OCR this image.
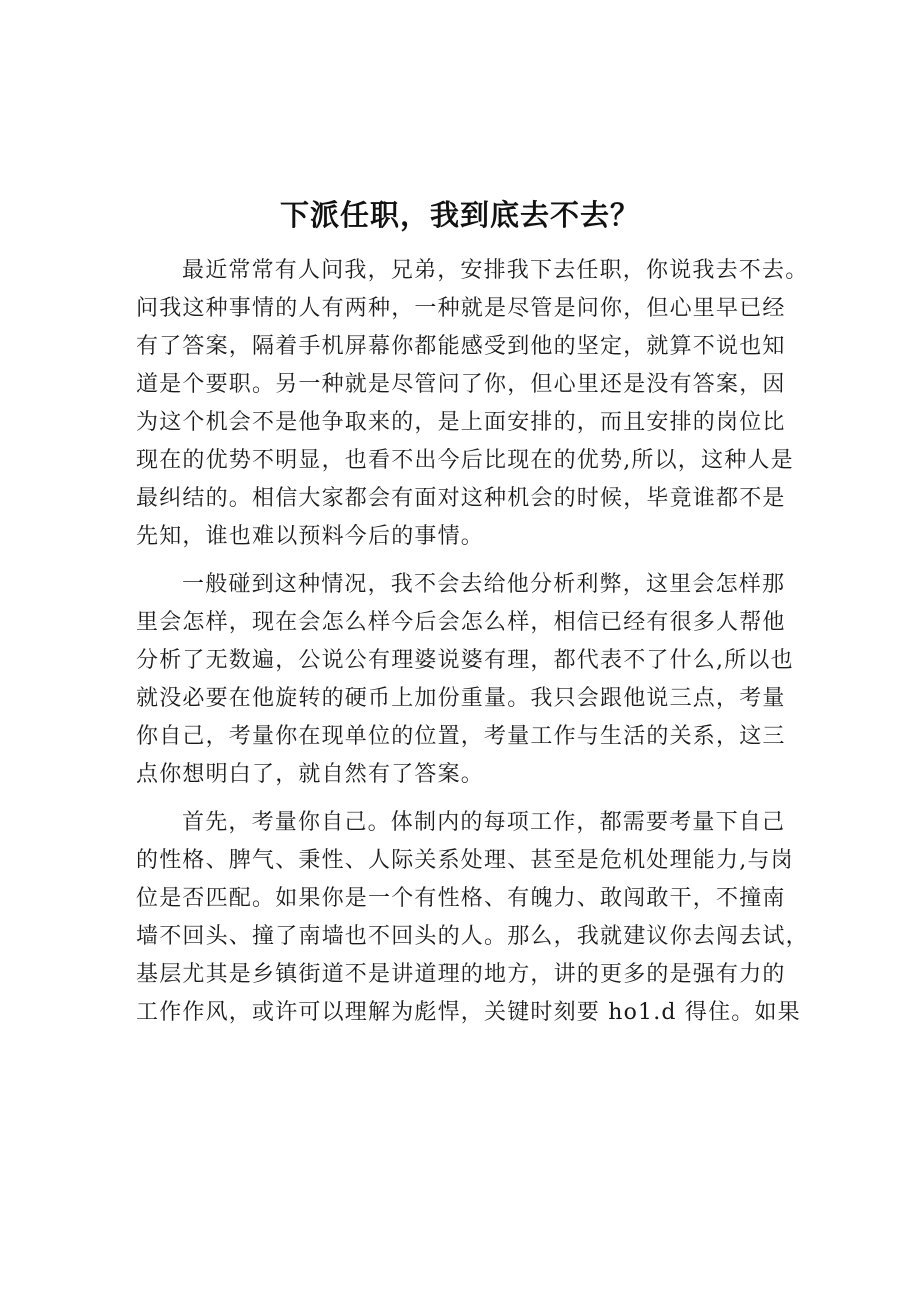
下派任职，我到底去不去？
最近常常有人问我，兄弟，安排我下去任职，你说我去不去。
问我这种事情的人有两种，一种就是尽管是问你，但心里早已经
有了答案，隔着手机屏幕你都能感受到他的坚定，就算不说也知
道是个要职。另一种就是尽管问了你，但心里还是没有答案，因
为这个机会不是他争取来的，是上面安排的，而且安排的岗位比
现在的优势不明显，也看不出今后比现在的优势,所以，这种人是
最纠结的。相信大家都会有面对这种机会的时候，毕竟谁都不是
先知，谁也难以预料今后的事情。
一般碰到这种情况，我不会去给他分析利弊，这里会怎样那
里会怎样，现在会怎么样今后会怎么样，相信已经有很多人帮他
分析了无数遍，公说公有理婆说婆有理，都代表不了什么,所以也
就没必要在他旋转的硬币上加份重量。我只会跟他说三点，考量
你自己，考量你在现单位的位置，考量工作与生活的关系，这三
点你想明白了，就自然有了答案。
首先，考量你自己。体制内的每项工作，都需要考量下自己
的性格、脾气、秉性、人际关系处理、甚至是危机处理能力,与岗
位是否匹配。如果你是一个有性格、有魄力、敢闯敢干，不撞南
墙不回头、撞了南墙也不回头的人。那么，我就建议你去闯去试，
基层尤其是乡镇街道不是讲道理的地方，讲的更多的是强有力的
工作作风，或许可以理解为彪悍，关键时刻要 ho1.d 得住。如果
